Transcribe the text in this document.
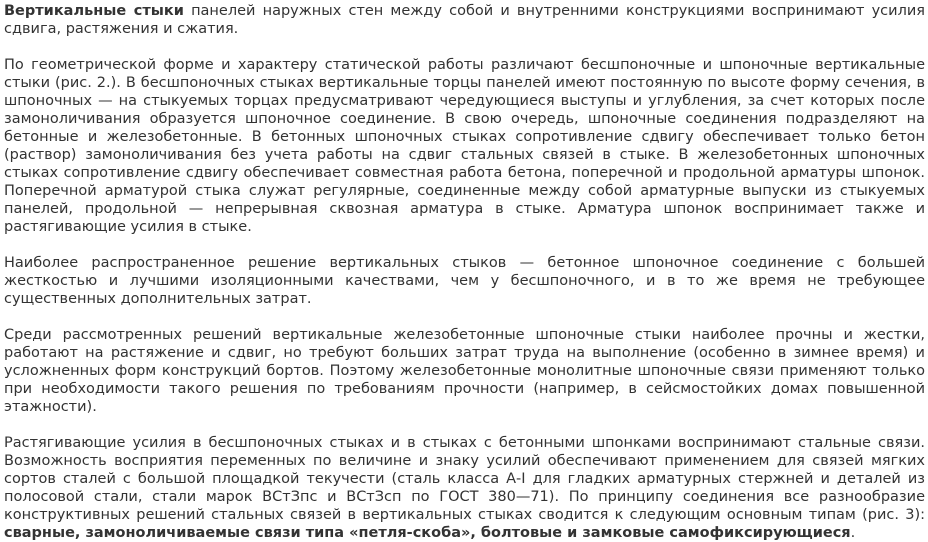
Вертикальные стыки панелей наружных стен между собой и внутренними конструкциями воспринимают усилия сдвига, растяжения и сжатия.

По геометрической форме и характеру статической работы различают бесшпоночные и шпоночные вертикальные стыки (рис. 2.). В бесшпоночных стыках вертикальные торцы панелей имеют постоянную по высоте форму сечения, в шпоночных — на стыкуемых торцах предусматривают чередующиеся выступы и углубления, за счет которых после замоноличивания образуется шпоночное соединение. В свою очередь, шпоночные соединения подразделяют на бетонные и железобетонные. В бетонных шпоночных стыках сопротивление сдвигу обеспечивает только бетон (раствор) замоноличивания без учета работы на сдвиг стальных связей в стыке. В железобетонных шпоночных стыках сопротивление сдвигу обеспечивает совместная работа бетона, поперечной и продольной арматуры шпонок. Поперечной арматурой стыка служат регулярные, соединенные между собой арматурные выпуски из стыкуемых панелей, продольной — непрерывная сквозная арматура в стыке. Арматура шпонок воспринимает также и растягивающие усилия в стыке.

Наиболее распространенное решение вертикальных стыков — бетонное шпоночное соединение с большей жесткостью и лучшими изоляционными качествами, чем у бесшпоночного, и в то же время не требующее существенных дополнительных затрат.

Среди рассмотренных решений вертикальные железобетонные шпоночные стыки наиболее прочны и жестки, работают на растяжение и сдвиг, но требуют больших затрат труда на выполнение (особенно в зимнее время) и усложненных форм конструкций бортов. Поэтому железобетонные монолитные шпоночные связи применяют только при необходимости такого решения по требованиям прочности (например, в сейсмостойких домах повышенной этажности).

Растягивающие усилия в бесшпоночных стыках и в стыках с бетонными шпонками воспринимают стальные связи. Возможность восприятия переменных по величине и знаку усилий обеспечивают применением для связей мягких сортов сталей с большой площадкой текучести (сталь класса А-I для гладких арматурных стержней и деталей из полосовой стали, стали марок ВСтЗпс и ВСтЗсп по ГОСТ 380—71). По принципу соединения все разнообразие конструктивных решений стальных связей в вертикальных стыках сводится к следующим основным типам (рис. 3): сварные, замоноличиваемые связи типа «петля-скоба», болтовые и замковые самофиксирующиеся.
